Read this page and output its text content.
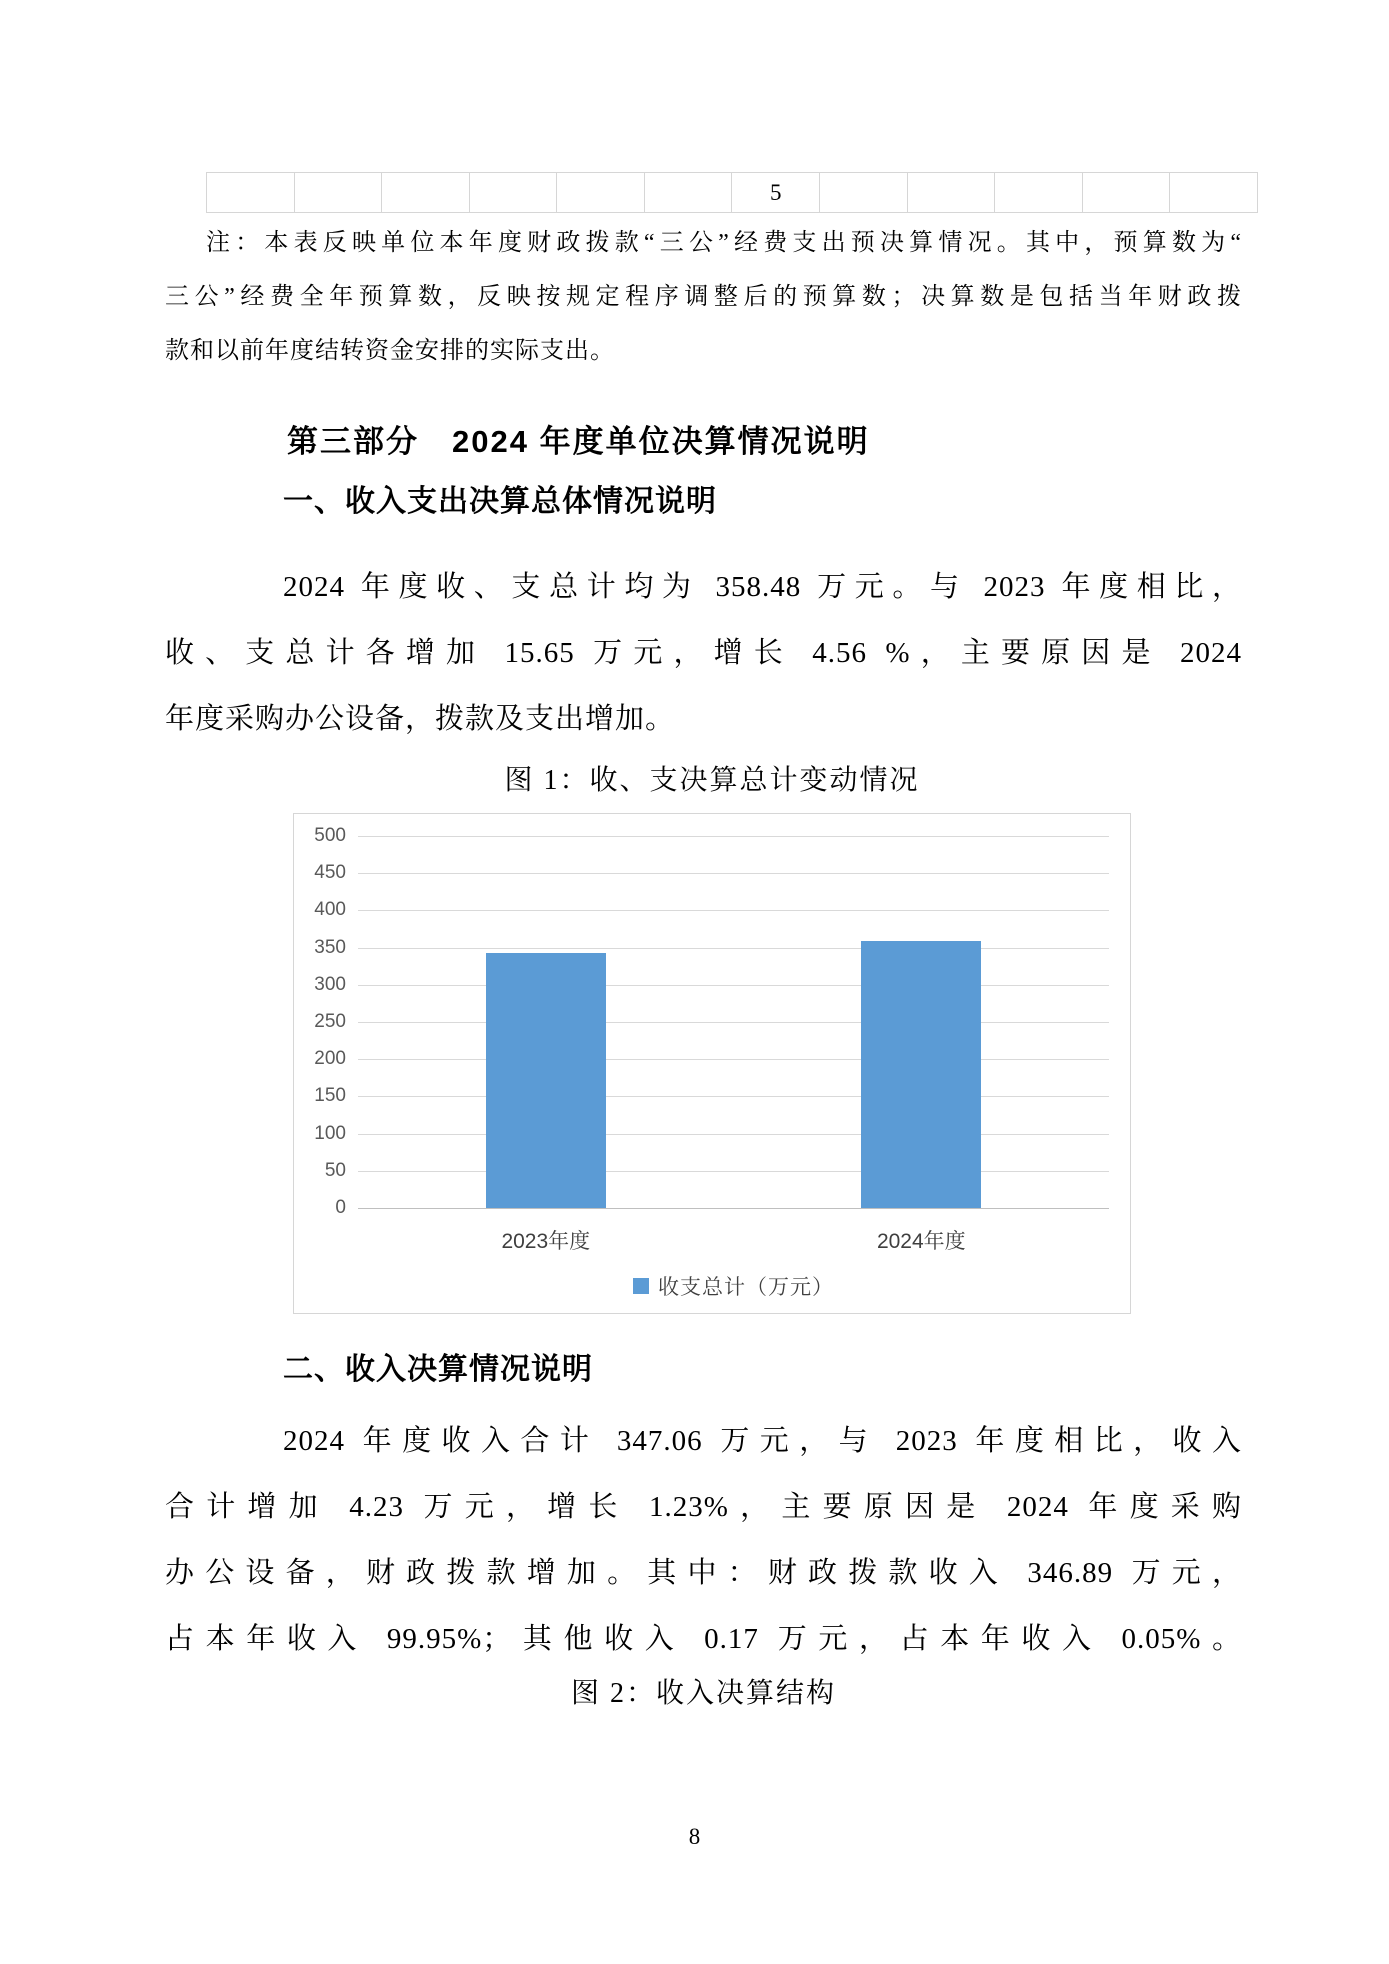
5
注：本表反映单位本年度财政拨款“三公”经费支出预决算情况。其中，预算数为“
三公”经费全年预算数，反映按规定程序调整后的预算数；决算数是包括当年财政拨
款和以前年度结转资金安排的实际支出。
第三部分　2024 年度单位决算情况说明
一、收入支出决算总体情况说明
2024 年度收、支总计均为 358.48 万元。与 2023 年度相比，
收、支总计各增加 15.65 万元，增长 4.56 %，主要原因是 2024
年度采购办公设备，拨款及支出增加。
图 1：收、支决算总计变动情况
收支总计（万元）
0
50
100
150
200
250
300
350
400
450
500
2023年度	2024年度
二、收入决算情况说明
2024 年度收入合计 347.06 万元，与 2023 年度相比，收入
合计增加 4.23 万元，增长 1.23%，主要原因是 2024 年度采购
办公设备，财政拨款增加。其中：财政拨款收入 346.89 万元，
占本年收入 99.95%；其他收入 0.17 万元，占本年收入 0.05%。
图 2：收入决算结构
8
